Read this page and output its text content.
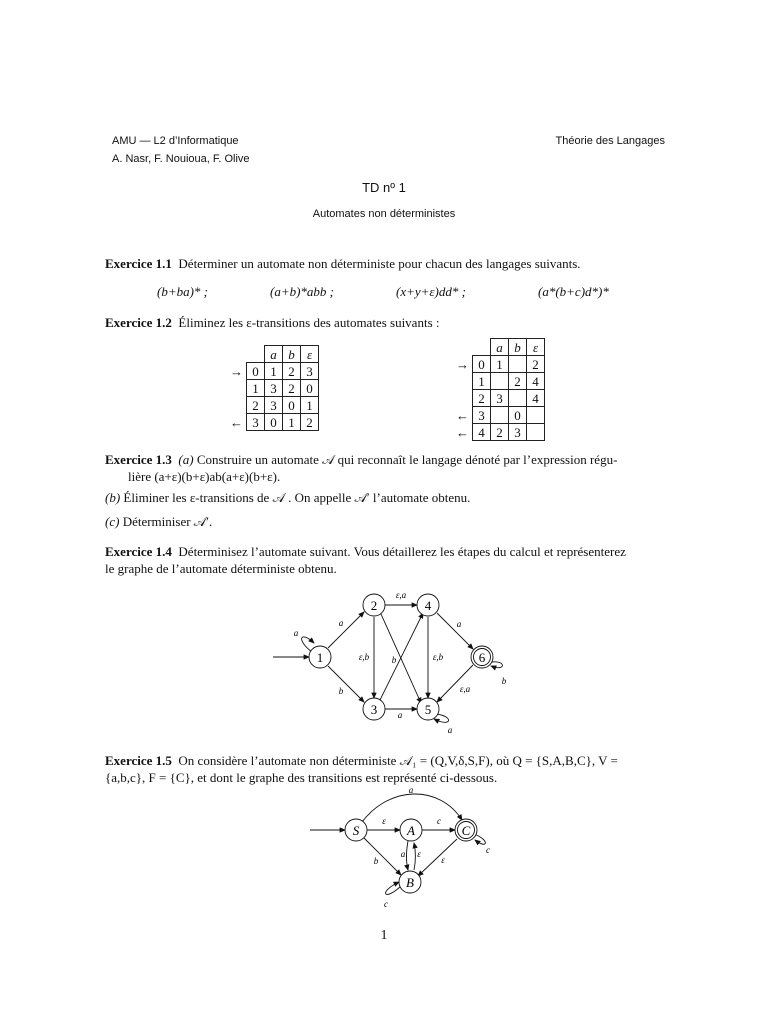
AMU — L2 d’Informatique
A. Nasr, F. Nouioua, F. Olive
Théorie des Langages
TD nº 1
Automates non déterministes
Exercice 1.1 Déterminer un automate non déterministe pour chacun des langages suivants.
(b+ba)* ;	(a+b)*abb ;	(x+y+ε)dd* ;	(a*(b+c)d*)*
Exercice 1.2 Éliminez les ε-transitions des automates suivants :
		a	b	ε
→	0	1	2	3
	1	3	2	0
	2	3	0	1
←	3	0	1	2
		a	b	ε
→	0	1		2
	1		2	4
	2	3		4
←	3		0	
←	4	2	3	
Exercice 1.3 (a) Construire un automate 𝒜 qui reconnaît le langage dénoté par l’expression régu-
lière (a+ε)(b+ε)ab(a+ε)(b+ε).
(b) Éliminer les ε-transitions de 𝒜 . On appelle 𝒜′ l’automate obtenu.
(c) Déterminiser 𝒜′.
Exercice 1.4 Déterminisez l’automate suivant. Vous détaillerez les étapes du calcul et représenterez
le graphe de l’automate déterministe obtenu.
1
2
3
4
5
6
a
a
ε,a
a
ε,b	b	ε,b
b
a
ε,a
b
a
Exercice 1.5 On considère l’automate non déterministe 𝒜₁ = (Q,V,δ,S,F), où Q = {S,A,B,C}, V =
{a,b,c}, F = {C}, et dont le graphe des transitions est représenté ci-dessous.
S	A
B
C
a
ε	c
a ε
b	ε
c
c
1
